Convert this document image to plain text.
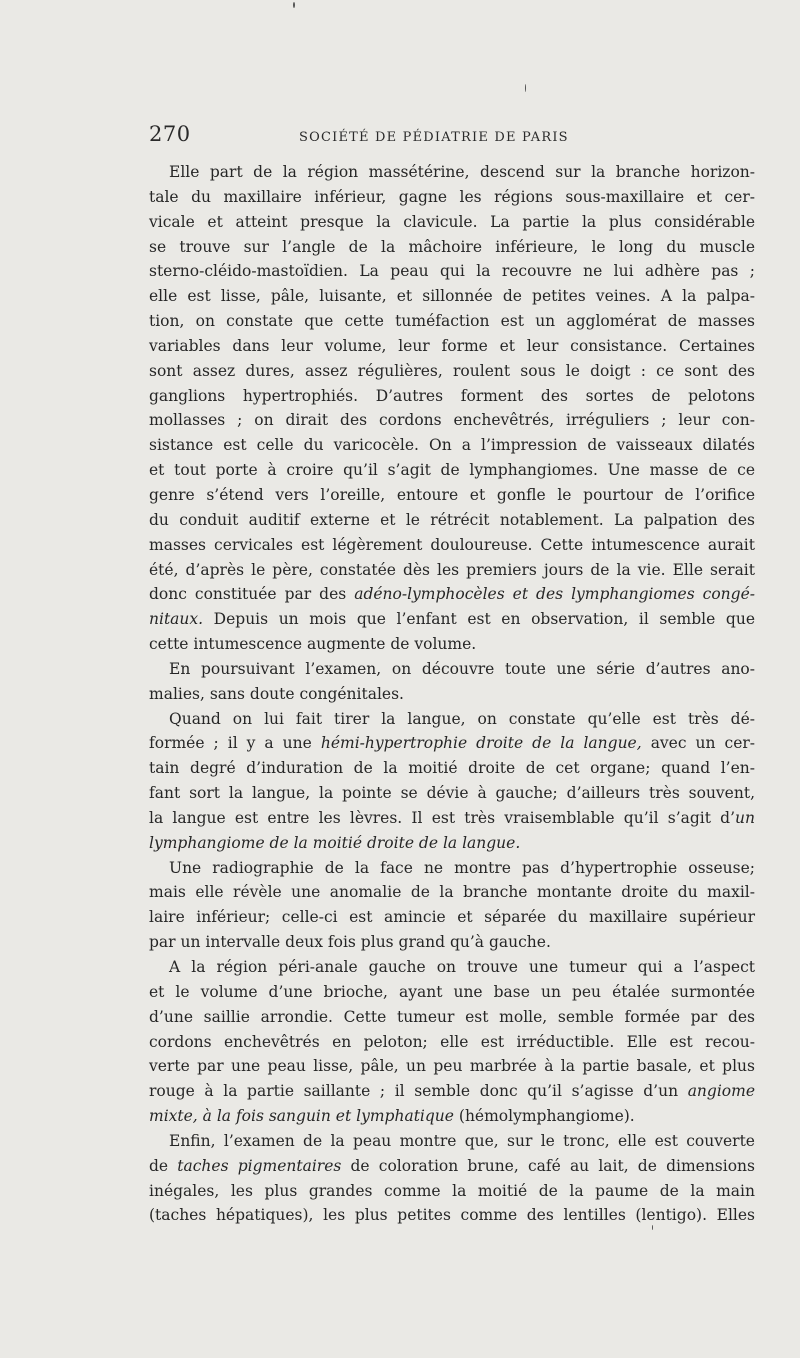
270	SOCIÉTÉ DE PÉDIATRIE DE PARIS
Elle part de la région massétérine, descend sur la branche horizon-
tale du maxillaire inférieur, gagne les régions sous-maxillaire et cer-
vicale et atteint presque la clavicule. La partie la plus considérable
se trouve sur l’angle de la mâchoire inférieure, le long du muscle
sterno-cléido-mastoïdien. La peau qui la recouvre ne lui adhère pas ;
elle est lisse, pâle, luisante, et sillonnée de petites veines. A la palpa-
tion, on constate que cette tuméfaction est un agglomérat de masses
variables dans leur volume, leur forme et leur consistance. Certaines
sont assez dures, assez régulières, roulent sous le doigt : ce sont des
ganglions hypertrophiés. D’autres forment des sortes de pelotons
mollasses ; on dirait des cordons enchevêtrés, irréguliers ; leur con-
sistance est celle du varicocèle. On a l’impression de vaisseaux dilatés
et tout porte à croire qu’il s’agit de lymphangiomes. Une masse de ce
genre s’étend vers l’oreille, entoure et gonfle le pourtour de l’orifice
du conduit auditif externe et le rétrécit notablement. La palpation des
masses cervicales est légèrement douloureuse. Cette intumescence aurait
été, d’après le père, constatée dès les premiers jours de la vie. Elle serait
donc constituée par des adéno-lymphocèles et des lymphangiomes congé-
nitaux. Depuis un mois que l’enfant est en observation, il semble que
cette intumescence augmente de volume.
En poursuivant l’examen, on découvre toute une série d’autres ano-
malies, sans doute congénitales.
Quand on lui fait tirer la langue, on constate qu’elle est très dé-
formée ; il y a une hémi-hypertrophie droite de la langue, avec un cer-
tain degré d’induration de la moitié droite de cet organe; quand l’en-
fant sort la langue, la pointe se dévie à gauche; d’ailleurs très souvent,
la langue est entre les lèvres. Il est très vraisemblable qu’il s’agit d’un
lymphangiome de la moitié droite de la langue.
Une radiographie de la face ne montre pas d’hypertrophie osseuse;
mais elle révèle une anomalie de la branche montante droite du maxil-
laire inférieur; celle-ci est amincie et séparée du maxillaire supérieur
par un intervalle deux fois plus grand qu’à gauche.
A la région péri-anale gauche on trouve une tumeur qui a l’aspect
et le volume d’une brioche, ayant une base un peu étalée surmontée
d’une saillie arrondie. Cette tumeur est molle, semble formée par des
cordons enchevêtrés en peloton; elle est irréductible. Elle est recou-
verte par une peau lisse, pâle, un peu marbrée à la partie basale, et plus
rouge à la partie saillante ; il semble donc qu’il s’agisse d’un angiome
mixte, à la fois sanguin et lymphatique (hémolymphangiome).
Enfin, l’examen de la peau montre que, sur le tronc, elle est couverte
de taches pigmentaires de coloration brune, café au lait, de dimensions
inégales, les plus grandes comme la moitié de la paume de la main
(taches hépatiques), les plus petites comme des lentilles (lentigo). Elles
